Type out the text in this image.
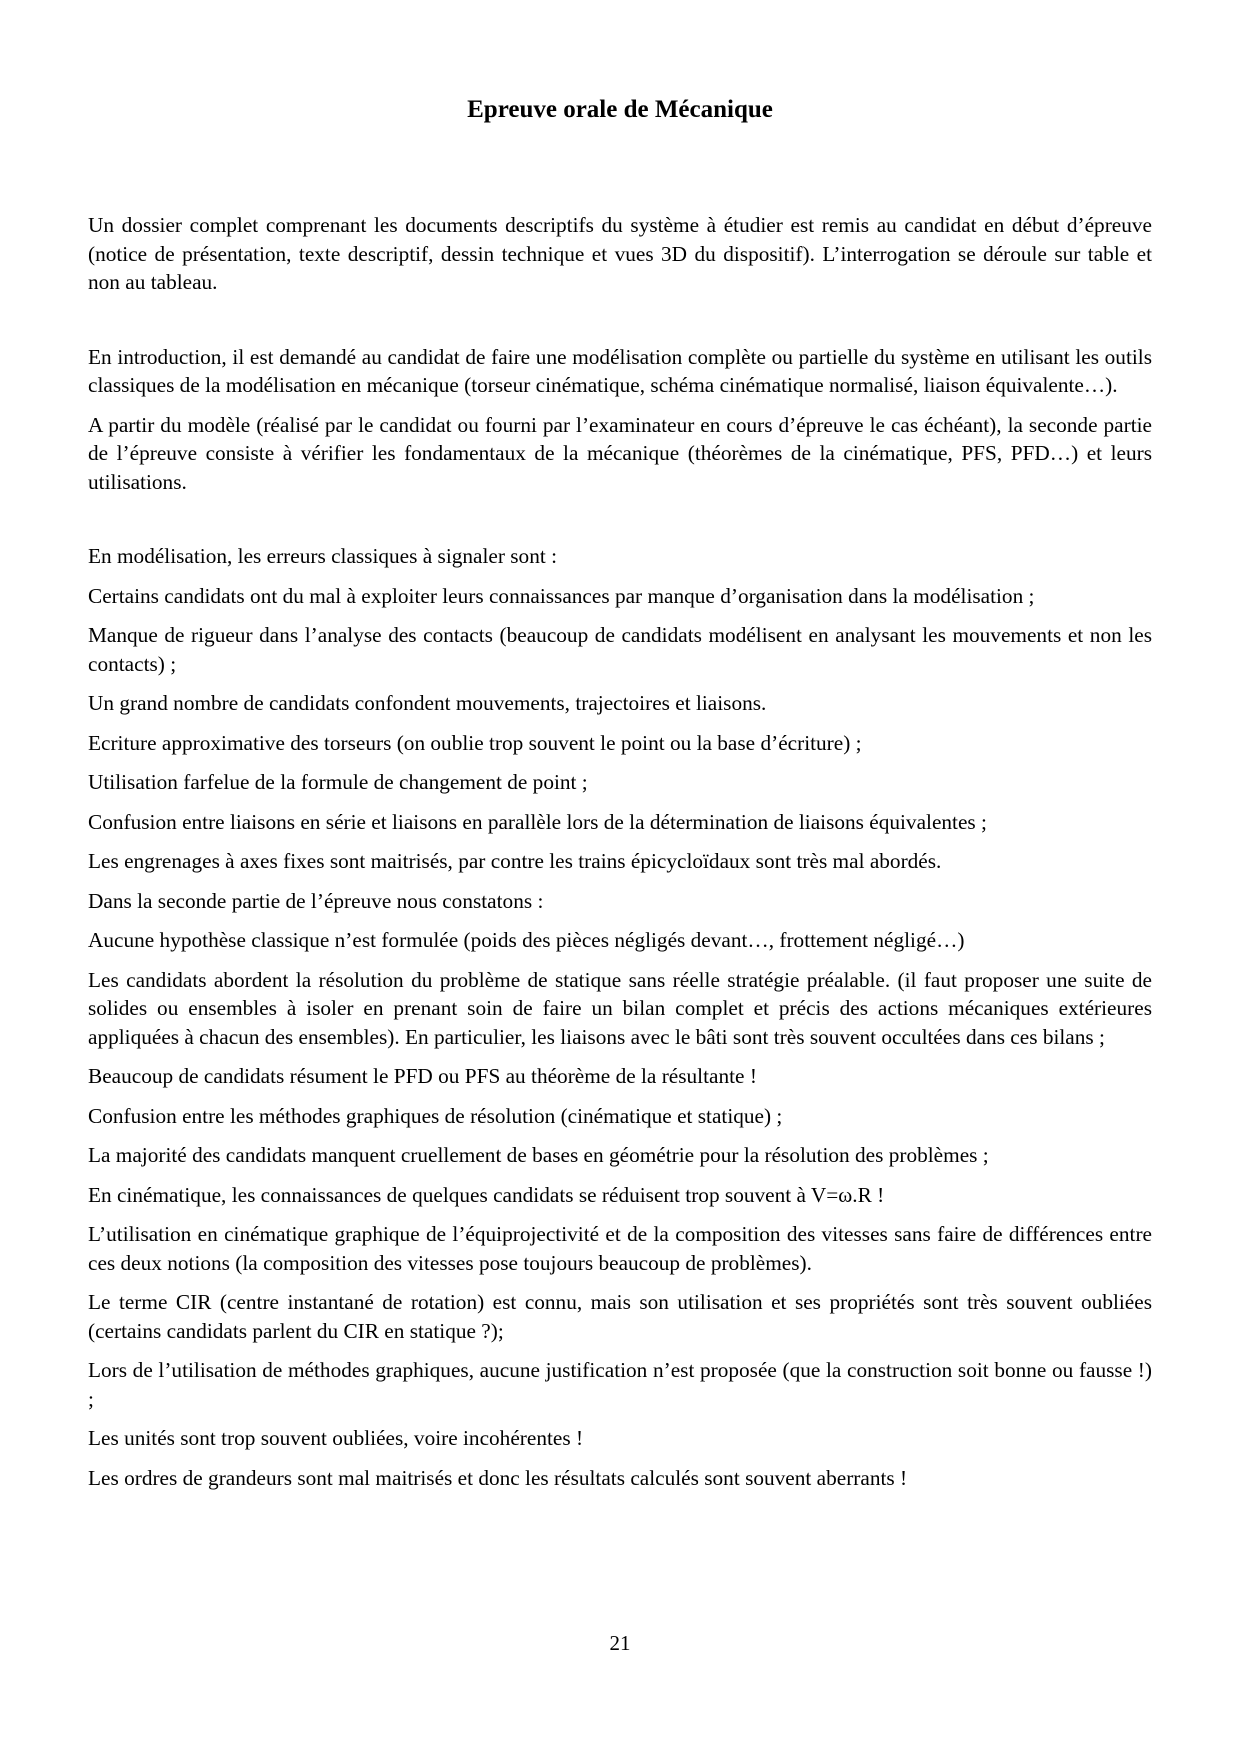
Epreuve orale de Mécanique

Un dossier complet comprenant les documents descriptifs du système à étudier est remis au candidat en début d’épreuve (notice de présentation, texte descriptif, dessin technique et vues 3D du dispositif). L’interrogation se déroule sur table et non au tableau.

En introduction, il est demandé au candidat de faire une modélisation complète ou partielle du système en utilisant les outils classiques de la modélisation en mécanique (torseur cinématique, schéma cinématique normalisé, liaison équivalente…).

A partir du modèle (réalisé par le candidat ou fourni par l’examinateur en cours d’épreuve le cas échéant), la seconde partie de l’épreuve consiste à vérifier les fondamentaux de la mécanique (théorèmes de la cinématique, PFS, PFD…) et leurs utilisations.

En modélisation, les erreurs classiques à signaler sont :

Certains candidats ont du mal à exploiter leurs connaissances par manque d’organisation dans la modélisation ;

Manque de rigueur dans l’analyse des contacts (beaucoup de candidats modélisent en analysant les mouvements et non les contacts) ;

Un grand nombre de candidats confondent mouvements, trajectoires et liaisons.

Ecriture approximative des torseurs (on oublie trop souvent le point ou la base d’écriture) ;

Utilisation farfelue de la formule de changement de point ;

Confusion entre liaisons en série et liaisons en parallèle lors de la détermination de liaisons équivalentes ;

Les engrenages à axes fixes sont maitrisés, par contre les trains épicycloïdaux sont très mal abordés.

Dans la seconde partie de l’épreuve nous constatons :

Aucune hypothèse classique n’est formulée (poids des pièces négligés devant…, frottement négligé…)

Les candidats abordent la résolution du problème de statique sans réelle stratégie préalable. (il faut proposer une suite de solides ou ensembles à isoler en prenant soin de faire un bilan complet et précis des actions mécaniques extérieures appliquées à chacun des ensembles). En particulier, les liaisons avec le bâti sont très souvent occultées dans ces bilans ;

Beaucoup de candidats résument le PFD ou PFS au théorème de la résultante !

Confusion entre les méthodes graphiques de résolution (cinématique et statique) ;

La majorité des candidats manquent cruellement de bases en géométrie pour la résolution des problèmes ;

En cinématique, les connaissances de quelques candidats se réduisent trop souvent à V=ω.R !

L’utilisation en cinématique graphique de l’équiprojectivité et de la composition des vitesses sans faire de différences entre ces deux notions (la composition des vitesses pose toujours beaucoup de problèmes).

Le terme CIR (centre instantané de rotation) est connu, mais son utilisation et ses propriétés sont très souvent oubliées (certains candidats parlent du CIR en statique ?);

Lors de l’utilisation de méthodes graphiques, aucune justification n’est proposée (que la construction soit bonne ou fausse !) ;

Les unités sont trop souvent oubliées, voire incohérentes !

Les ordres de grandeurs sont mal maitrisés et donc les résultats calculés sont souvent aberrants !

21
